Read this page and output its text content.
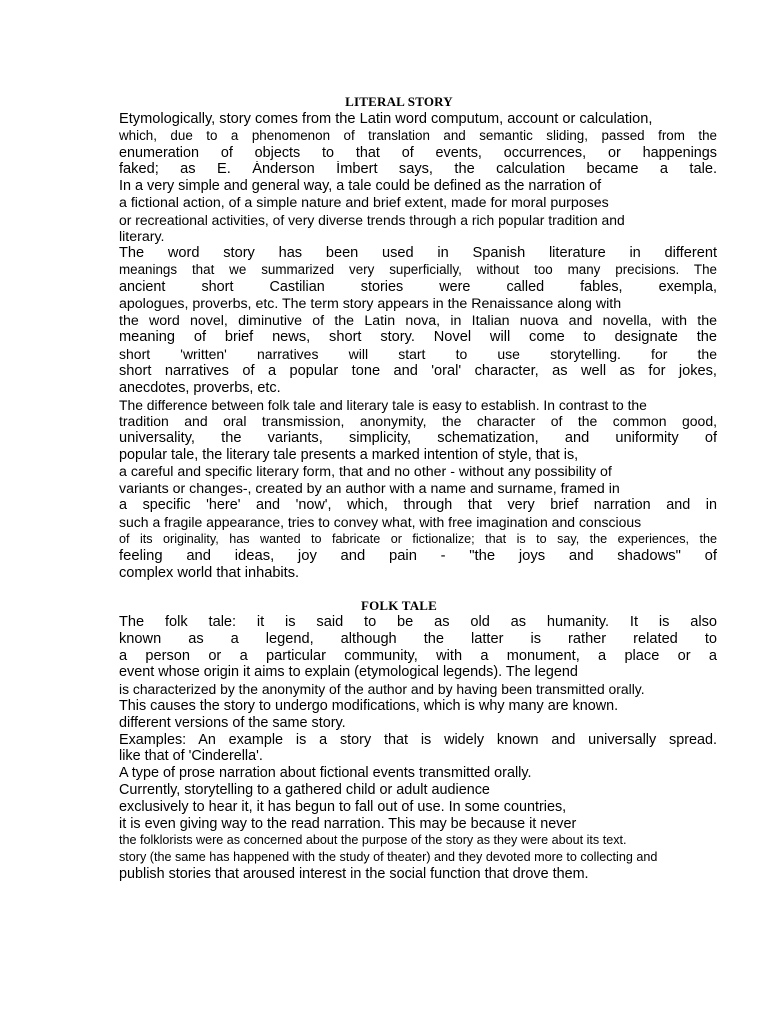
LITERAL STORY
Etymologically, story comes from the Latin word computum, account or calculation,
which, due to a phenomenon of translation and semantic sliding, passed from the
enumeration of objects to that of events, occurrences, or happenings
faked; as E. Ánderson Ímbert says, the calculation became a tale.
In a very simple and general way, a tale could be defined as the narration of
a fictional action, of a simple nature and brief extent, made for moral purposes
or recreational activities, of very diverse trends through a rich popular tradition and
literary.
The word story has been used in Spanish literature in different
meanings that we summarized very superficially, without too many precisions. The
ancient short Castilian stories were called fables, exempla,
apologues, proverbs, etc. The term story appears in the Renaissance along with
the word novel, diminutive of the Latin nova, in Italian nuova and novella, with the
meaning of brief news, short story. Novel will come to designate the
short 'written' narratives will start to use storytelling. for the
short narratives of a popular tone and 'oral' character, as well as for jokes,
anecdotes, proverbs, etc.
The difference between folk tale and literary tale is easy to establish. In contrast to the
tradition and oral transmission, anonymity, the character of the common good,
universality, the variants, simplicity, schematization, and uniformity of
popular tale, the literary tale presents a marked intention of style, that is,
a careful and specific literary form, that and no other - without any possibility of
variants or changes-, created by an author with a name and surname, framed in
a specific 'here' and 'now', which, through that very brief narration and in
such a fragile appearance, tries to convey what, with free imagination and conscious
of its originality, has wanted to fabricate or fictionalize; that is to say, the experiences, the
feeling and ideas, joy and pain - "the joys and shadows" of
complex world that inhabits.
FOLK TALE
The folk tale: it is said to be as old as humanity. It is also
known as a legend, although the latter is rather related to
a person or a particular community, with a monument, a place or a
event whose origin it aims to explain (etymological legends). The legend
is characterized by the anonymity of the author and by having been transmitted orally.
This causes the story to undergo modifications, which is why many are known.
different versions of the same story.
Examples: An example is a story that is widely known and universally spread.
like that of 'Cinderella'.
A type of prose narration about fictional events transmitted orally.
Currently, storytelling to a gathered child or adult audience
exclusively to hear it, it has begun to fall out of use. In some countries,
it is even giving way to the read narration. This may be because it never
the folklorists were as concerned about the purpose of the story as they were about its text.
story (the same has happened with the study of theater) and they devoted more to collecting and
publish stories that aroused interest in the social function that drove them.
